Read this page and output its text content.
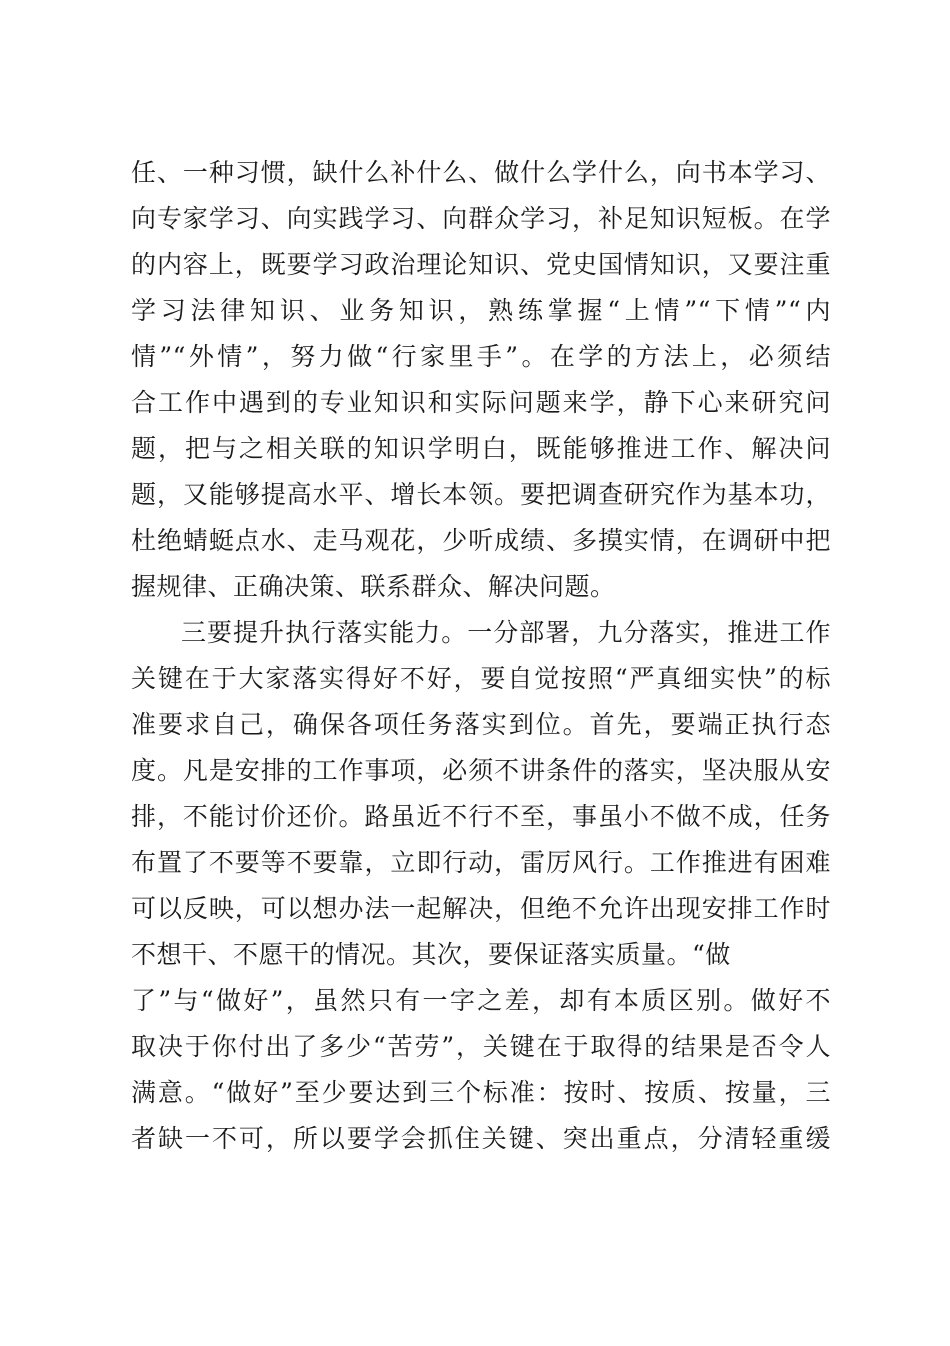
任、一种习惯，缺什么补什么、做什么学什么，向书本学习、
向专家学习、向实践学习、向群众学习，补足知识短板。在学
的内容上，既要学习政治理论知识、党史国情知识，又要注重
学习法律知识、业务知识，熟练掌握“上情”“下情”“内
情”“外情”，努力做“行家里手”。在学的方法上，必须结
合工作中遇到的专业知识和实际问题来学，静下心来研究问
题，把与之相关联的知识学明白，既能够推进工作、解决问
题，又能够提高水平、增长本领。要把调查研究作为基本功，
杜绝蜻蜓点水、走马观花，少听成绩、多摸实情，在调研中把
握规律、正确决策、联系群众、解决问题。
三要提升执行落实能力。一分部署，九分落实，推进工作
关键在于大家落实得好不好，要自觉按照“严真细实快”的标
准要求自己，确保各项任务落实到位。首先，要端正执行态
度。凡是安排的工作事项，必须不讲条件的落实，坚决服从安
排，不能讨价还价。路虽近不行不至，事虽小不做不成，任务
布置了不要等不要靠，立即行动，雷厉风行。工作推进有困难
可以反映，可以想办法一起解决，但绝不允许出现安排工作时
不想干、不愿干的情况。其次，要保证落实质量。“做
了”与“做好”，虽然只有一字之差，却有本质区别。做好不
取决于你付出了多少“苦劳”，关键在于取得的结果是否令人
满意。“做好”至少要达到三个标准：按时、按质、按量，三
者缺一不可，所以要学会抓住关键、突出重点，分清轻重缓
